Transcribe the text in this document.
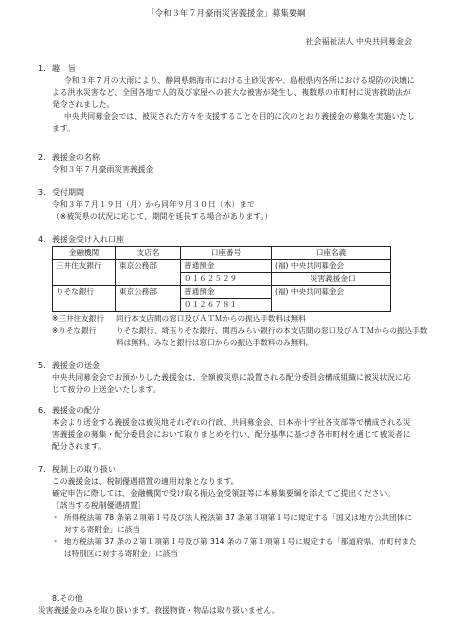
「令和３年７月豪雨災害義援金」募集要綱
社会福祉法人 中央共同募金会
1. 趣　旨
令和３年７月の大雨により、静岡県熱海市における土砂災害や、島根県内各所における堤防の決壊による洪水災害など、全国各地で人的及び家屋への甚大な被害が発生し、複数県の市町村に災害救助法が発令されました。
中央共同募金会では、被災された方々を支援することを目的に次のとおり義援金の募集を実施いたします。
2. 義援金の名称
令和３年７月豪雨災害義援金
3. 受付期間
令和３年７月１９日（月）から同年９月３０日（木）まで
（※被災県の状況に応じて、期間を延長する場合があります。）
4. 義援金受け入れ口座
金融機関	支店名	口座番号	口座名義
三井住友銀行	東京公務部	普通預金	(福) 中央共同募金会
		０１６２５２９	災害義援金口
りそな銀行	東京公務部	普通預金	(福) 中央共同募金会
		０１２６７８１	
※三井住友銀行	同行本支店間の窓口及びＡＴＭからの振込手数料は無料
※りそな銀行	りそな銀行、埼玉りそな銀行、関西みらい銀行の本支店間の窓口及びＡＴＭからの振込手数料は無料。みなと銀行は窓口からの振込手数料のみ無料。
5. 義援金の送金
中央共同募金会でお預かりした義援金は、全額被災県に設置される配分委員会構成組織に被災状況に応じて按分の上送金いたします。
6. 義援金の配分
本会より送金する義援金は被災地それぞれの行政、共同募金会、日本赤十字社各支部等で構成される災害義援金の募集・配分委員会において取りまとめを行い、配分基準に基づき各市町村を通じて被災者に配分されます。
7. 税制上の取り扱い
この義援金は、税制優遇措置の適用対象となります。
確定申告に際しては、金融機関で受け取る振込金受領証等に本募集要綱を添えてご提出ください。
［該当する税制優遇措置］
・ 所得税法第 78 条第２項第１号及び法人税法第 37 条第３項第１号に規定する「国又は地方公共団体に対する寄附金」に該当
・ 地方税法第 37 条の２第１項第１号及び第 314 条の７第１項第１号に規定する「都道府県、市町村または特別区に対する寄附金」に該当
8.その他
災害義援金のみを取り扱います。救援物資・物品は取り扱いません。
